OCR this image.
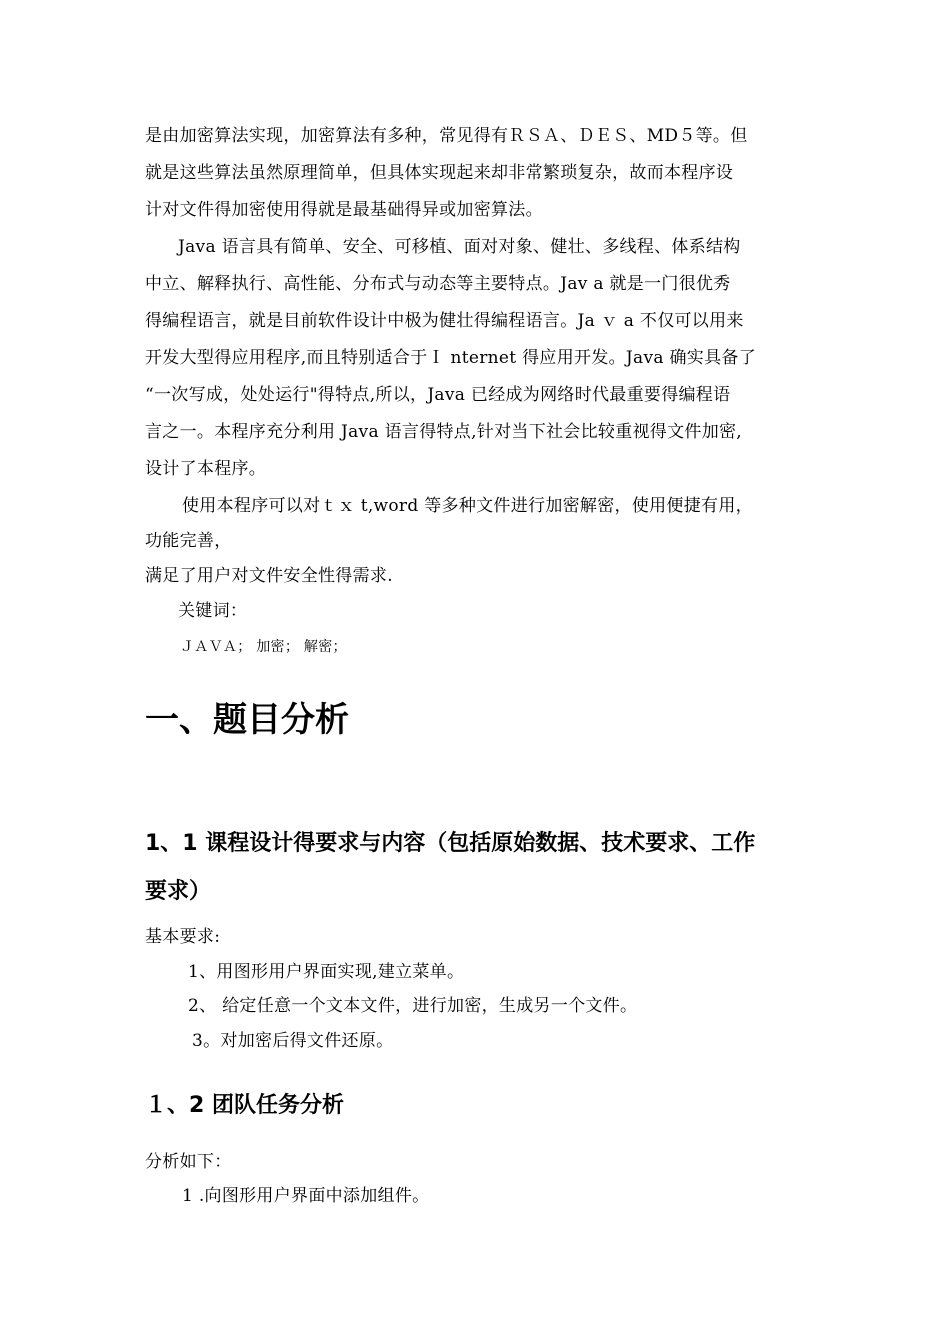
是由加密算法实现，加密算法有多种，常见得有ＲＳＡ、ＤＥＳ、MD５等。但
就是这些算法虽然原理简单，但具体实现起来却非常繁琐复杂，故而本程序设
计对文件得加密使用得就是最基础得异或加密算法。
Java 语言具有简单、安全、可移植、面对对象、健壮、多线程、体系结构
中立、解释执行、高性能、分布式与动态等主要特点。Jav a 就是一门很优秀
得编程语言，就是目前软件设计中极为健壮得编程语言。Ja ｖ a 不仅可以用来
开发大型得应用程序,而且特别适合于Ｉ nternet 得应用开发。Java 确实具备了
“一次写成，处处运行"得特点,所以，Java 已经成为网络时代最重要得编程语
言之一。本程序充分利用 Java 语言得特点,针对当下社会比较重视得文件加密,
设计了本程序。
使用本程序可以对ｔｘ t,word 等多种文件进行加密解密，使用便捷有用，
功能完善，
满足了用户对文件安全性得需求.
关键词：
ＪＡＶＡ； 加密； 解密；
一、题目分析
1、1 课程设计得要求与内容（包括原始数据、技术要求、工作
要求）
基本要求:
1、用图形用户界面实现,建立菜单。
2、 给定任意一个文本文件，进行加密，生成另一个文件。
3。对加密后得文件还原。
１、2 团队任务分析
分析如下：
1 .向图形用户界面中添加组件。
